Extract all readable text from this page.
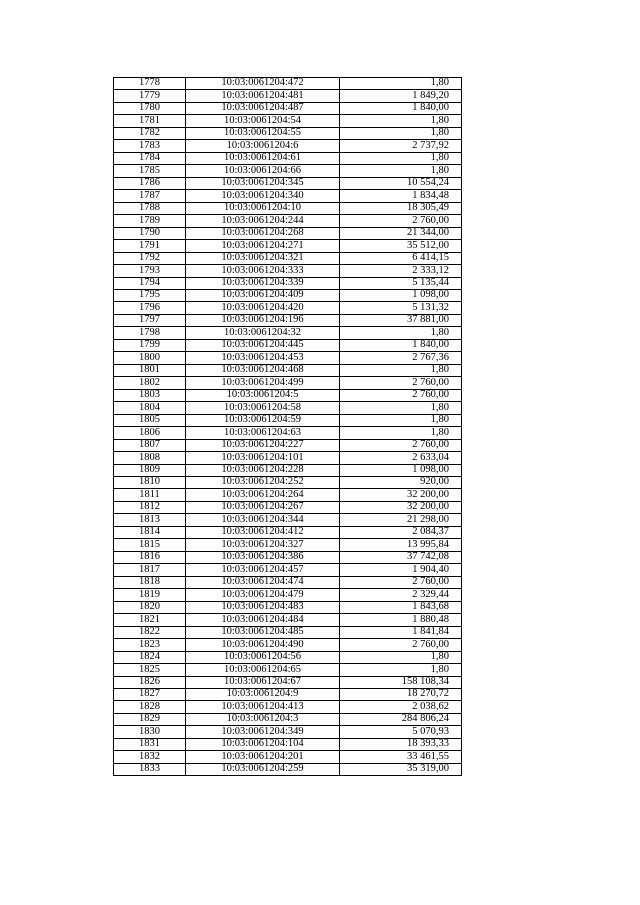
1778	10:03:0061204:472	1,80
1779	10:03:0061204:481	1 849,20
1780	10:03:0061204:487	1 840,00
1781	10:03:0061204:54	1,80
1782	10:03:0061204:55	1,80
1783	10:03:0061204:6	2 737,92
1784	10:03:0061204:61	1,80
1785	10:03:0061204:66	1,80
1786	10:03:0061204:345	10 554,24
1787	10:03:0061204:340	1 834,48
1788	10:03:0061204:10	18 305,49
1789	10:03:0061204:244	2 760,00
1790	10:03:0061204:268	21 344,00
1791	10:03:0061204:271	35 512,00
1792	10:03:0061204:321	6 414,15
1793	10:03:0061204:333	2 333,12
1794	10:03:0061204:339	5 135,44
1795	10:03:0061204:409	1 098,00
1796	10:03:0061204:420	5 131,32
1797	10:03:0061204:196	37 881,00
1798	10:03:0061204:32	1,80
1799	10:03:0061204:445	1 840,00
1800	10:03:0061204:453	2 767,36
1801	10:03:0061204:468	1,80
1802	10:03:0061204:499	2 760,00
1803	10:03:0061204:5	2 760,00
1804	10:03:0061204:58	1,80
1805	10:03:0061204:59	1,80
1806	10:03:0061204:63	1,80
1807	10:03:0061204:227	2 760,00
1808	10:03:0061204:101	2 633,04
1809	10:03:0061204:228	1 098,00
1810	10:03:0061204:252	920,00
1811	10:03:0061204:264	32 200,00
1812	10:03:0061204:267	32 200,00
1813	10:03:0061204:344	21 298,00
1814	10:03:0061204:412	2 084,37
1815	10:03:0061204:327	13 995,84
1816	10:03:0061204:386	37 742,08
1817	10:03:0061204:457	1 904,40
1818	10:03:0061204:474	2 760,00
1819	10:03:0061204:479	2 329,44
1820	10:03:0061204:483	1 843,68
1821	10:03:0061204:484	1 880,48
1822	10:03:0061204:485	1 841,84
1823	10:03:0061204:490	2 760,00
1824	10:03:0061204:56	1,80
1825	10:03:0061204:65	1,80
1826	10:03:0061204:67	158 108,34
1827	10:03:0061204:9	18 270,72
1828	10:03:0061204:413	2 038,62
1829	10:03:0061204:3	284 806,24
1830	10:03:0061204:349	5 070,93
1831	10:03:0061204:104	18 393,33
1832	10:03:0061204:201	33 461,55
1833	10:03:0061204:259	35 319,00
